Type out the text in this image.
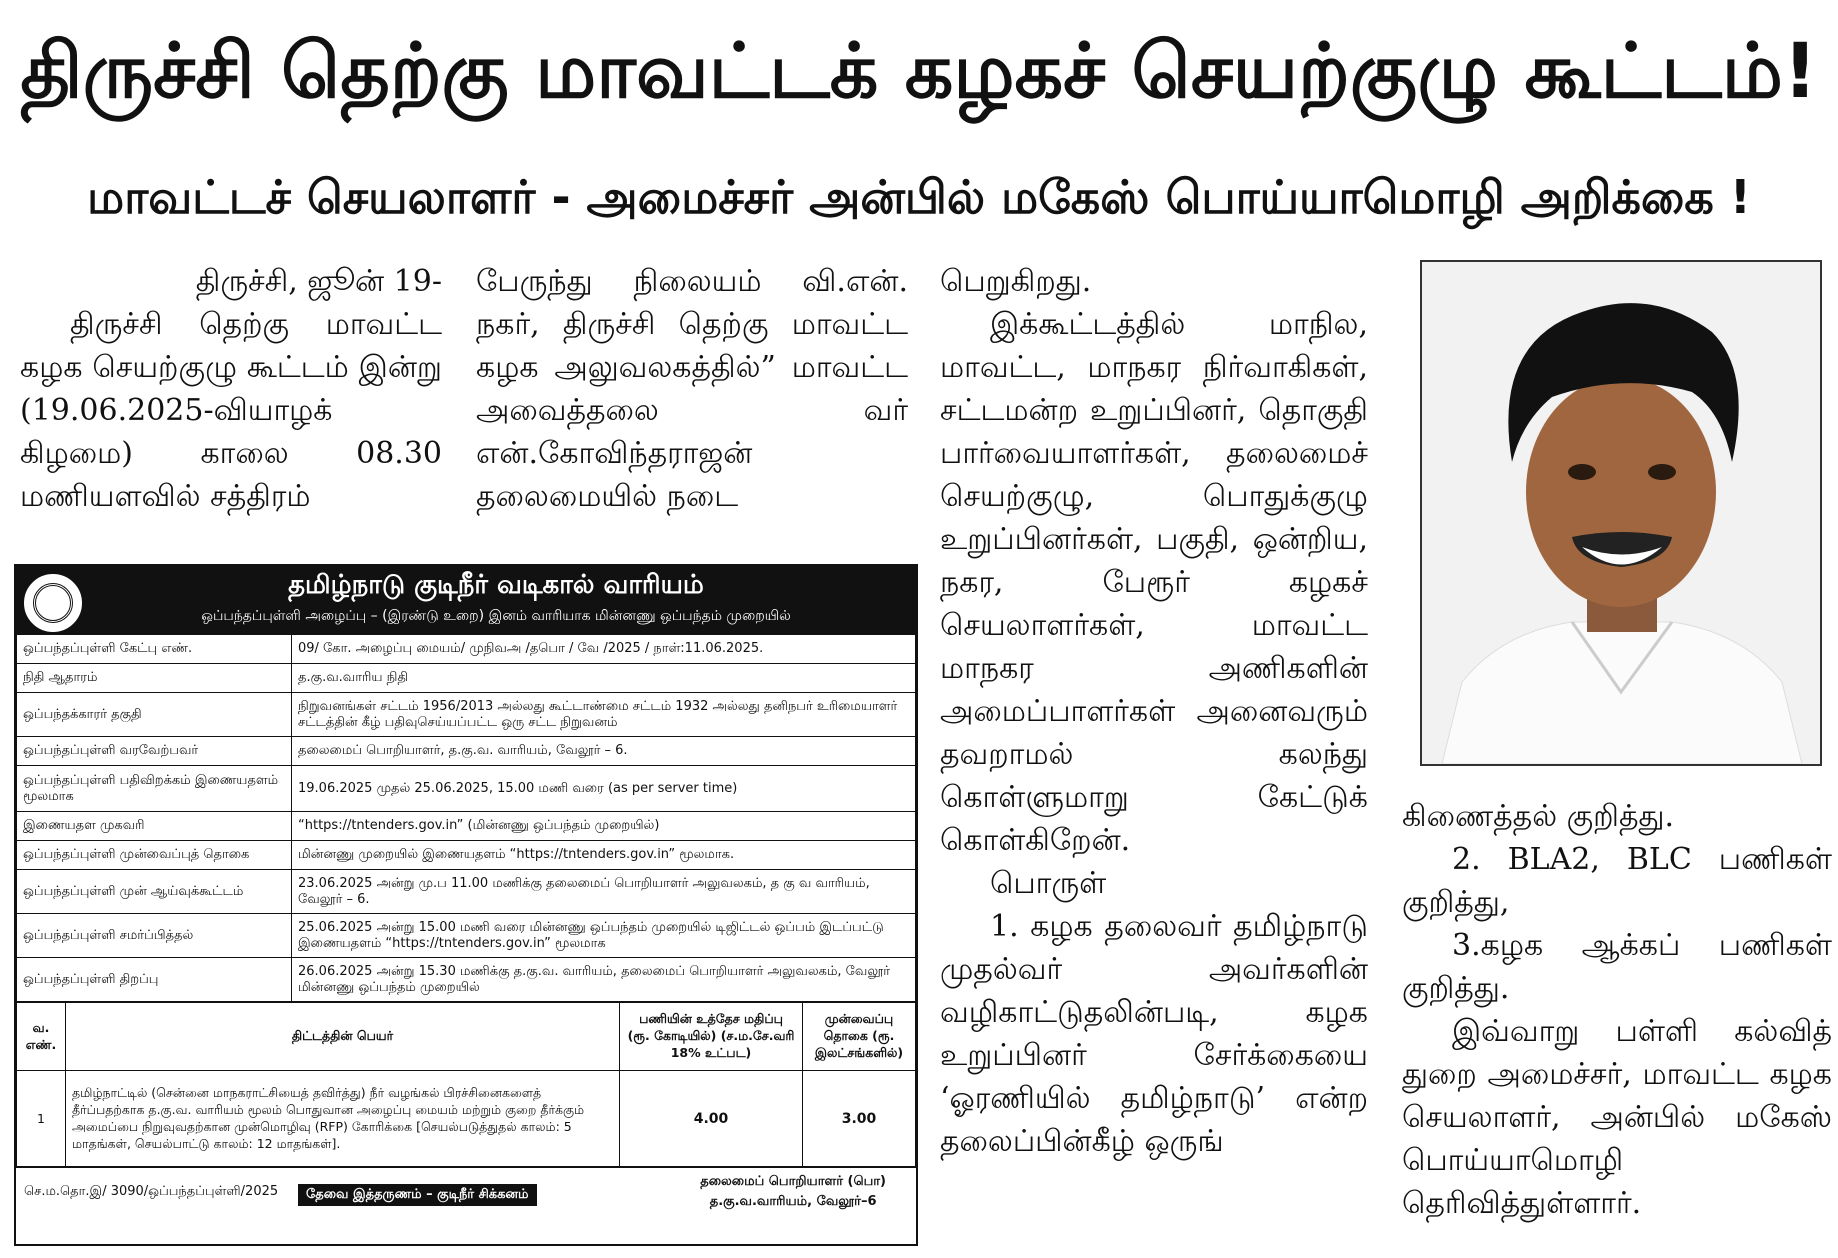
திருச்சி தெற்கு மாவட்டக் கழகச் செயற்குழு கூட்டம்!
மாவட்டச் செயலாளர் - அமைச்சர் அன்பில் மகேஸ் பொய்யாமொழி அறிக்கை !

திருச்சி, ஜூன் 19-

திருச்சி தெற்கு மாவட்ட கழக செயற்குழு கூட்டம் இன்று (19.06.2025-வியாழக் கிழமை) காலை 08.30 மணியளவில் சத்திரம்

பேருந்து நிலையம் வி.என். நகர், திருச்சி தெற்கு மாவட்ட கழக அலுவலகத்தில்” மாவட்ட அவைத்தலை வர் என்.கோவிந்தராஜன் தலைமையில் நடை

பெறுகிறது.

இக்கூட்டத்தில் மாநில, மாவட்ட, மாநகர நிர்வாகிகள், சட்டமன்ற உறுப்பினர், தொகுதி பார்வையாளர்கள், தலைமைச் செயற்குழு, பொதுக்குழு உறுப்பினர்கள், பகுதி, ஒன்றிய, நகர, பேரூர் கழகச் செயலாளர்கள், மாவட்ட மாநகர அணிகளின் அமைப்பாளர்கள் அனைவரும் தவறாமல் கலந்து கொள்ளுமாறு கேட்டுக் கொள்கிறேன்.

பொருள்

1. கழக தலைவர் தமிழ்நாடு முதல்வர் அவர்களின் வழிகாட்டுதலின்படி, கழக உறுப்பினர் சேர்க்கையை ‘ஓரணியில் தமிழ்நாடு’ என்ற தலைப்பின்கீழ் ஒருங்

கிணைத்தல் குறித்து.

2. BLA2, BLC பணிகள் குறித்து,

3.கழக ஆக்கப் பணிகள் குறித்து.

இவ்வாறு பள்ளி கல்வித் துறை அமைச்சர், மாவட்ட கழக செயலாளர், அன்பில் மகேஸ் பொய்யாமொழி தெரிவித்துள்ளார்.

தமிழ்நாடு குடிநீர் வடிகால் வாரியம்
ஒப்பந்தப்புள்ளி அழைப்பு – (இரண்டு உறை) இனம் வாரியாக மின்னணு ஒப்பந்தம் முறையில்
ஒப்பந்தப்புள்ளி கேட்பு எண்.	09/ கோ. அழைப்பு மையம்/ முநிவஅ /தபொ / வே /2025 / நாள்:11.06.2025.
நிதி ஆதாரம்	த.கு.வ.வாரிய நிதி
ஒப்பந்தக்காரர் தகுதி	நிறுவனங்கள் சட்டம் 1956/2013 அல்லது கூட்டாண்மை சட்டம் 1932 அல்லது தனிநபர் உரிமையாளர் சட்டத்தின் கீழ் பதிவுசெய்யப்பட்ட ஒரு சட்ட நிறுவனம்
ஒப்பந்தப்புள்ளி வரவேற்பவர்	தலைமைப் பொறியாளர், த.கு.வ. வாரியம், வேலூர் – 6.
ஒப்பந்தப்புள்ளி பதிவிறக்கம் இணையதளம் மூலமாக	19.06.2025 முதல் 25.06.2025, 15.00 மணி வரை (as per server time)
இணையதள முகவரி	“https://tntenders.gov.in” (மின்னணு ஒப்பந்தம் முறையில்)
ஒப்பந்தப்புள்ளி முன்வைப்புத் தொகை	மின்னணு முறையில் இணையதளம் “https://tntenders.gov.in” மூலமாக.
ஒப்பந்தப்புள்ளி முன் ஆய்வுக்கூட்டம்	23.06.2025 அன்று மு.ப 11.00 மணிக்கு தலைமைப் பொறியாளர் அலுவலகம், த கு வ வாரியம், வேலூர் – 6.
ஒப்பந்தப்புள்ளி சமர்ப்பித்தல்	25.06.2025 அன்று 15.00 மணி வரை மின்னணு ஒப்பந்தம் முறையில் டிஜிட்டல் ஒப்பம் இடப்பட்டு இணையதளம் “https://tntenders.gov.in” மூலமாக
ஒப்பந்தப்புள்ளி திறப்பு	26.06.2025 அன்று 15.30 மணிக்கு த.கு.வ. வாரியம், தலைமைப் பொறியாளர் அலுவலகம், வேலூர் மின்னணு ஒப்பந்தம் முறையில்
வ. எண்.	திட்டத்தின் பெயர்	பணியின் உத்தேச மதிப்பு (ரூ. கோடியில்) (ச.ம.சே.வரி 18% உட்பட)	முன்வைப்பு தொகை (ரூ. இலட்சங்களில்)
1	தமிழ்நாட்டில் (சென்னை மாநகராட்சியைத் தவிர்த்து) நீர் வழங்கல் பிரச்சினைகளைத் தீர்ப்பதற்காக த.கு.வ. வாரியம் மூலம் பொதுவான அழைப்பு மையம் மற்றும் குறை தீர்க்கும் அமைப்பை நிறுவுவதற்கான முன்மொழிவு (RFP) கோரிக்கை [செயல்படுத்துதல் காலம்: 5 மாதங்கள், செயல்பாட்டு காலம்: 12 மாதங்கள்].	4.00	3.00
செ.ம.தொ.இ/ 3090/ஒப்பந்தப்புள்ளி/2025	தேவை இத்தருணம் – குடிநீர் சிக்கனம்
தலைமைப் பொறியாளர் (பொ)
த.கு.வ.வாரியம், வேலூர்–6
